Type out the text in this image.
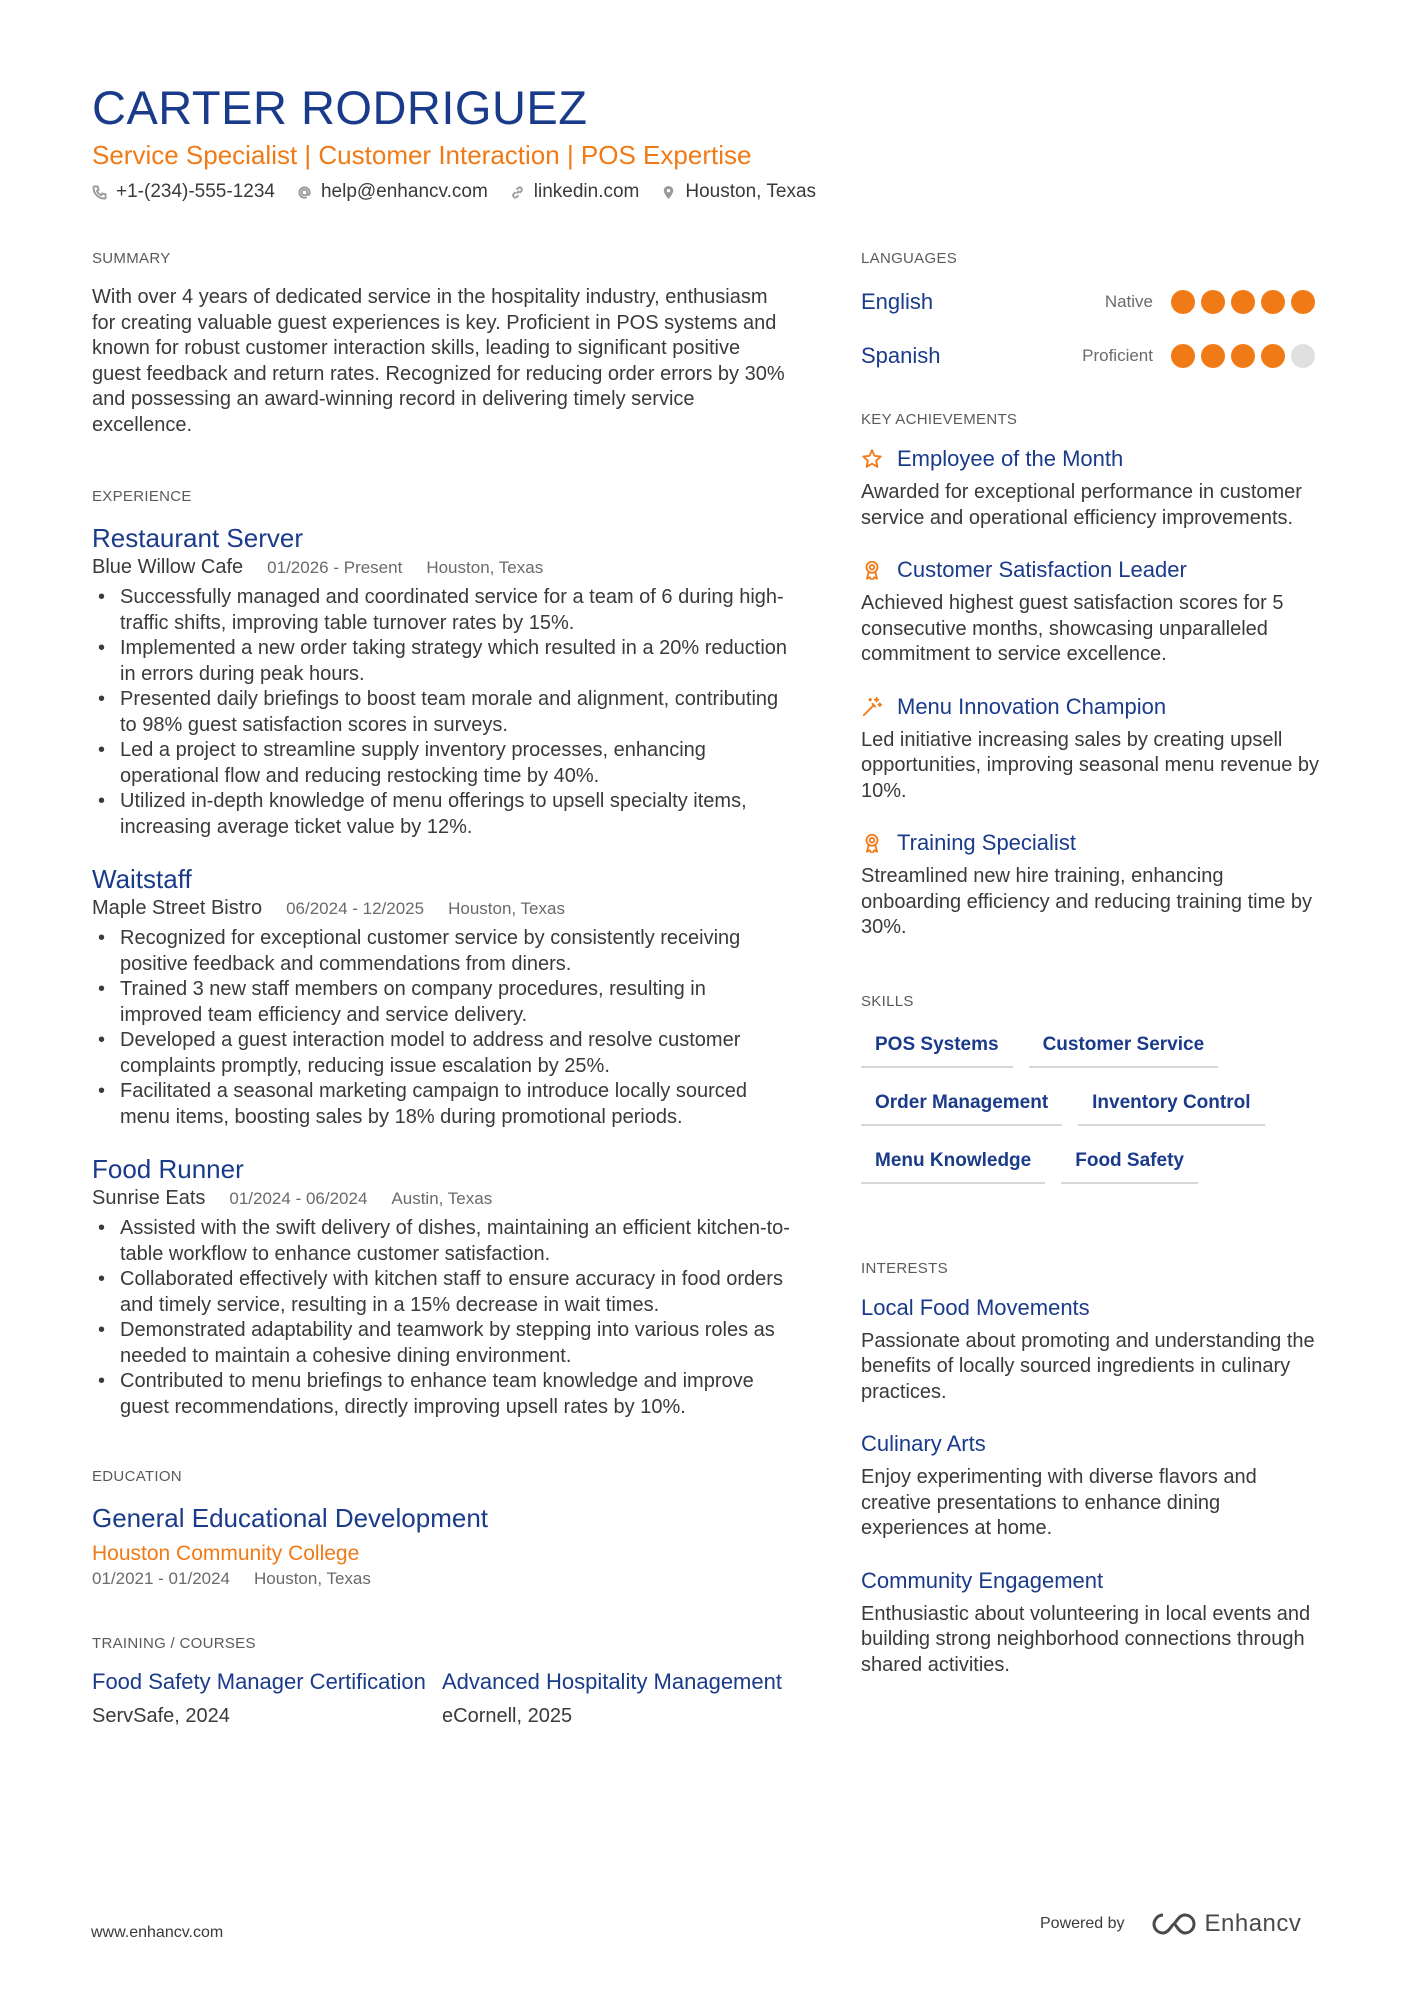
CARTER RODRIGUEZ
Service Specialist | Customer Interaction | POS Expertise
+1-(234)-555-1234 help@enhancv.com linkedin.com Houston, Texas
SUMMARY
With over 4 years of dedicated service in the hospitality industry, enthusiasm for creating valuable guest experiences is key. Proficient in POS systems and known for robust customer interaction skills, leading to significant positive guest feedback and return rates. Recognized for reducing order errors by 30% and possessing an award-winning record in delivering timely service excellence.
EXPERIENCE
Restaurant Server
Blue Willow Cafe 01/2026 - Present Houston, Texas
• Successfully managed and coordinated service for a team of 6 during high-traffic shifts, improving table turnover rates by 15%.
• Implemented a new order taking strategy which resulted in a 20% reduction in errors during peak hours.
• Presented daily briefings to boost team morale and alignment, contributing to 98% guest satisfaction scores in surveys.
• Led a project to streamline supply inventory processes, enhancing operational flow and reducing restocking time by 40%.
• Utilized in-depth knowledge of menu offerings to upsell specialty items, increasing average ticket value by 12%.
Waitstaff
Maple Street Bistro 06/2024 - 12/2025 Houston, Texas
• Recognized for exceptional customer service by consistently receiving positive feedback and commendations from diners.
• Trained 3 new staff members on company procedures, resulting in improved team efficiency and service delivery.
• Developed a guest interaction model to address and resolve customer complaints promptly, reducing issue escalation by 25%.
• Facilitated a seasonal marketing campaign to introduce locally sourced menu items, boosting sales by 18% during promotional periods.
Food Runner
Sunrise Eats 01/2024 - 06/2024 Austin, Texas
• Assisted with the swift delivery of dishes, maintaining an efficient kitchen-to-table workflow to enhance customer satisfaction.
• Collaborated effectively with kitchen staff to ensure accuracy in food orders and timely service, resulting in a 15% decrease in wait times.
• Demonstrated adaptability and teamwork by stepping into various roles as needed to maintain a cohesive dining environment.
• Contributed to menu briefings to enhance team knowledge and improve guest recommendations, directly improving upsell rates by 10%.
EDUCATION
General Educational Development
Houston Community College
01/2021 - 01/2024 Houston, Texas
TRAINING / COURSES
Food Safety Manager Certification
ServSafe, 2024
Advanced Hospitality Management
eCornell, 2025
LANGUAGES
English	Native
Spanish	Proficient
KEY ACHIEVEMENTS
Employee of the Month
Awarded for exceptional performance in customer service and operational efficiency improvements.
Customer Satisfaction Leader
Achieved highest guest satisfaction scores for 5 consecutive months, showcasing unparalleled commitment to service excellence.
Menu Innovation Champion
Led initiative increasing sales by creating upsell opportunities, improving seasonal menu revenue by 10%.
Training Specialist
Streamlined new hire training, enhancing onboarding efficiency and reducing training time by 30%.
SKILLS
POS Systems	Customer Service
Order Management	Inventory Control
Menu Knowledge	Food Safety
INTERESTS
Local Food Movements
Passionate about promoting and understanding the benefits of locally sourced ingredients in culinary practices.
Culinary Arts
Enjoy experimenting with diverse flavors and creative presentations to enhance dining experiences at home.
Community Engagement
Enthusiastic about volunteering in local events and building strong neighborhood connections through shared activities.
www.enhancv.com
Powered by	Enhancv
